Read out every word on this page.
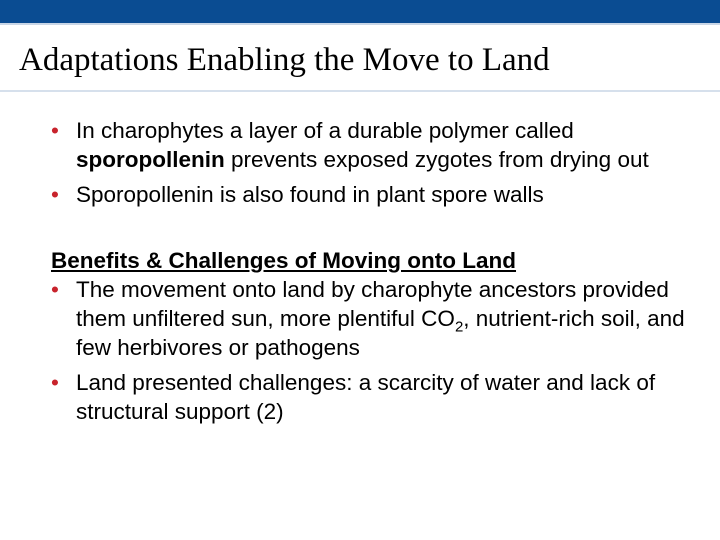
Adaptations Enabling the Move to Land

• In charophytes a layer of a durable polymer called sporopollenin prevents exposed zygotes from drying out

• Sporopollenin is also found in plant spore walls

Benefits & Challenges of Moving onto Land

• The movement onto land by charophyte ancestors provided them unfiltered sun, more plentiful $CO_2$, nutrient-rich soil, and few herbivores or pathogens

• Land presented challenges: a scarcity of water and lack of structural support (2)
